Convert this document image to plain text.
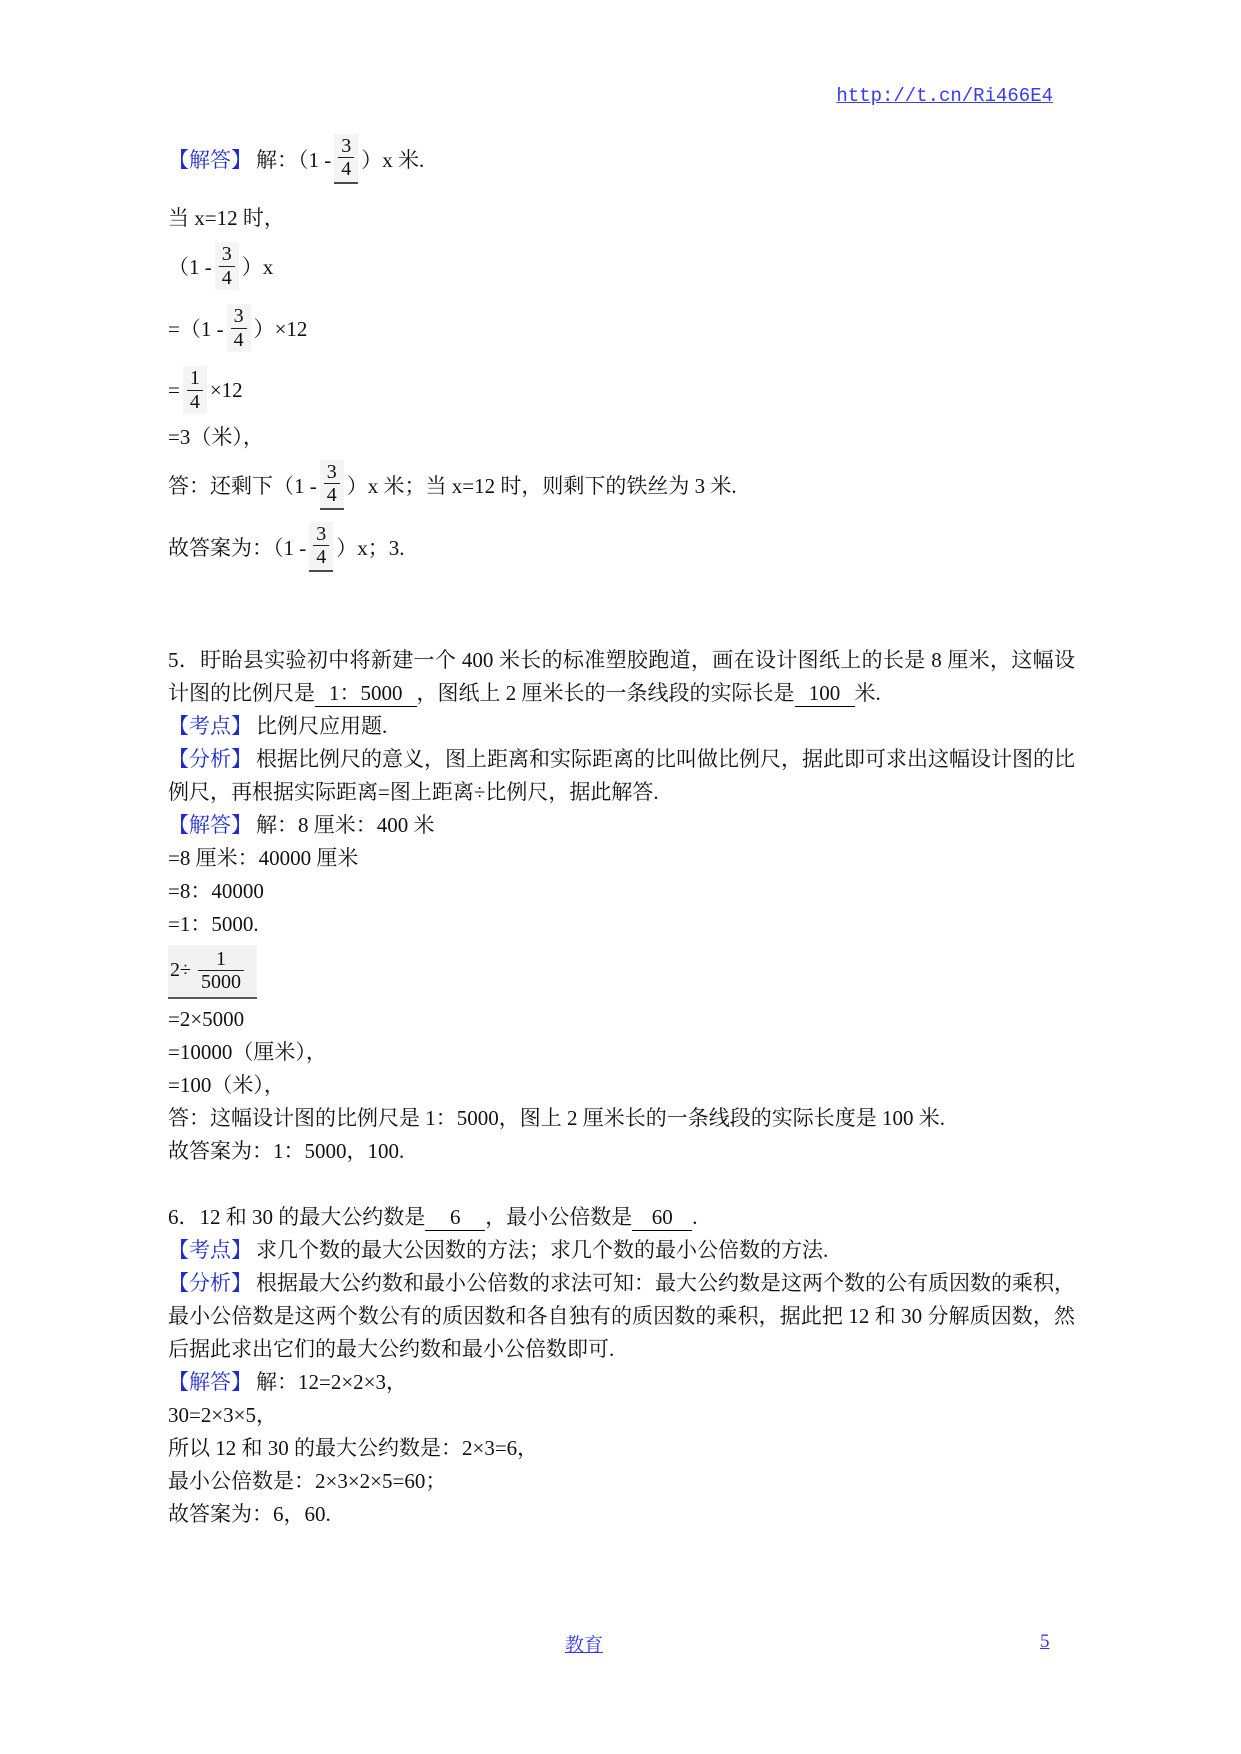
http://t.cn/Ri466E4
【解答】 解：$(1 - \frac{3}{4} )x$ 米.
当 x=12 时，
$(1 - \frac{3}{4} )x$
$=(1 - \frac{3}{4} )\times 12$
= $\frac{1}{4} \times 12$
=3（米），
答：还剩下$(1 - \frac{3}{4} )x$ 米；当 x=12 时，则剩下的铁丝为 3 米.
故答案为：$(1 - \frac{3}{4} )x$；3.
5．盱眙县实验初中将新建一个 400 米长的标准塑胶跑道，画在设计图纸上的长是 8 厘米，这幅设计图的比例尺是 1：5000 ，图纸上 2 厘米长的一条线段的实际长是 100 米.
【考点】 比例尺应用题.
【分析】 根据比例尺的意义，图上距离和实际距离的比叫做比例尺，据此即可求出这幅设计图的比例尺，再根据实际距离=图上距离÷比例尺，据此解答.
【解答】 解：8 厘米：400 米
=8 厘米：40000 厘米
=8：40000
=1：5000.
$2\div \frac{1}{5000}$
=2×5000
=10000（厘米），
=100（米），
答：这幅设计图的比例尺是 1：5000，图上 2 厘米长的一条线段的实际长度是 100 米.
故答案为：1：5000，100.
6．12 和 30 的最大公约数是 6 ，最小公倍数是 60 .
【考点】 求几个数的最大公因数的方法；求几个数的最小公倍数的方法.
【分析】 根据最大公约数和最小公倍数的求法可知：最大公约数是这两个数的公有质因数的乘积，最小公倍数是这两个数公有的质因数和各自独有的质因数的乘积，据此把 12 和 30 分解质因数，然后据此求出它们的最大公约数和最小公倍数即可.
【解答】 解：12=2×2×3，
30=2×3×5，
所以 12 和 30 的最大公约数是：2×3=6，
最小公倍数是：2×3×2×5=60；
故答案为：6，60.
教育	5
